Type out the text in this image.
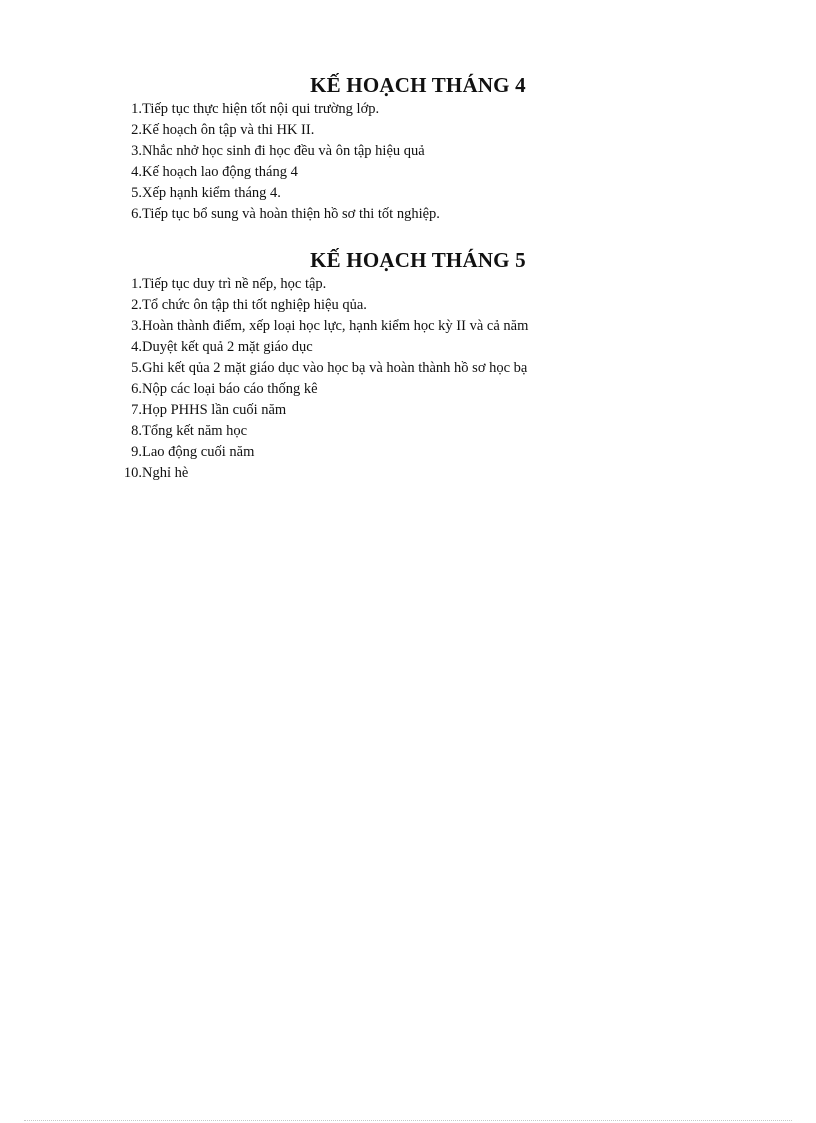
KẾ HOẠCH THÁNG 4
1. Tiếp tục thực hiện tốt nội qui trường lớp.
2. Kế hoạch ôn tập và thi HK II.
3. Nhắc nhở học sinh đi học đều và ôn tập hiệu quả
4. Kế hoạch lao động tháng 4
5. Xếp hạnh kiểm tháng 4.
6. Tiếp tục bổ sung và hoàn thiện hồ sơ thi tốt nghiệp.
KẾ HOẠCH THÁNG 5
1. Tiếp tục duy trì nề nếp, học tập.
2. Tổ chức ôn tập thi tốt nghiệp hiệu qủa.
3. Hoàn thành điểm, xếp loại học lực, hạnh kiểm học kỳ II và cả năm
4. Duyệt kết quả 2 mặt giáo dục
5. Ghi kết qủa 2 mặt giáo dục vào học bạ và hoàn thành hồ sơ học bạ
6. Nộp các loại báo cáo thống kê
7. Họp PHHS lần cuối năm
8. Tổng kết năm học
9. Lao động cuối năm
10. Nghỉ hè
